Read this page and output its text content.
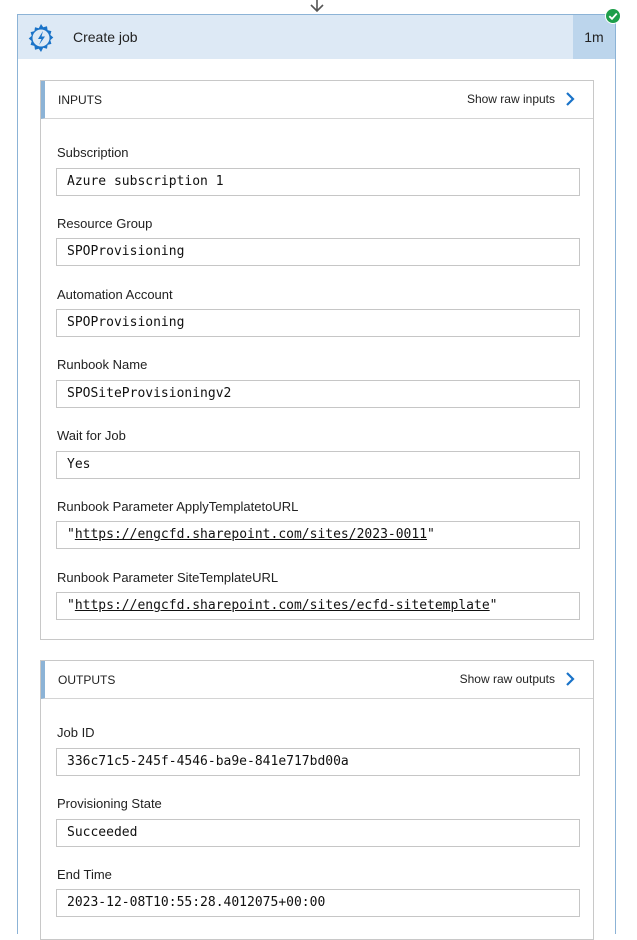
Create job	1m
INPUTS	Show raw inputs
Subscription
Azure subscription 1
Resource Group
SPOProvisioning
Automation Account
SPOProvisioning
Runbook Name
SPOSiteProvisioningv2
Wait for Job
Yes
Runbook Parameter ApplyTemplatetoURL
"https://engcfd.sharepoint.com/sites/2023-0011"
Runbook Parameter SiteTemplateURL
"https://engcfd.sharepoint.com/sites/ecfd-sitetemplate"
OUTPUTS	Show raw outputs
Job ID
336c71c5-245f-4546-ba9e-841e717bd00a
Provisioning State
Succeeded
End Time
2023-12-08T10:55:28.4012075+00:00
